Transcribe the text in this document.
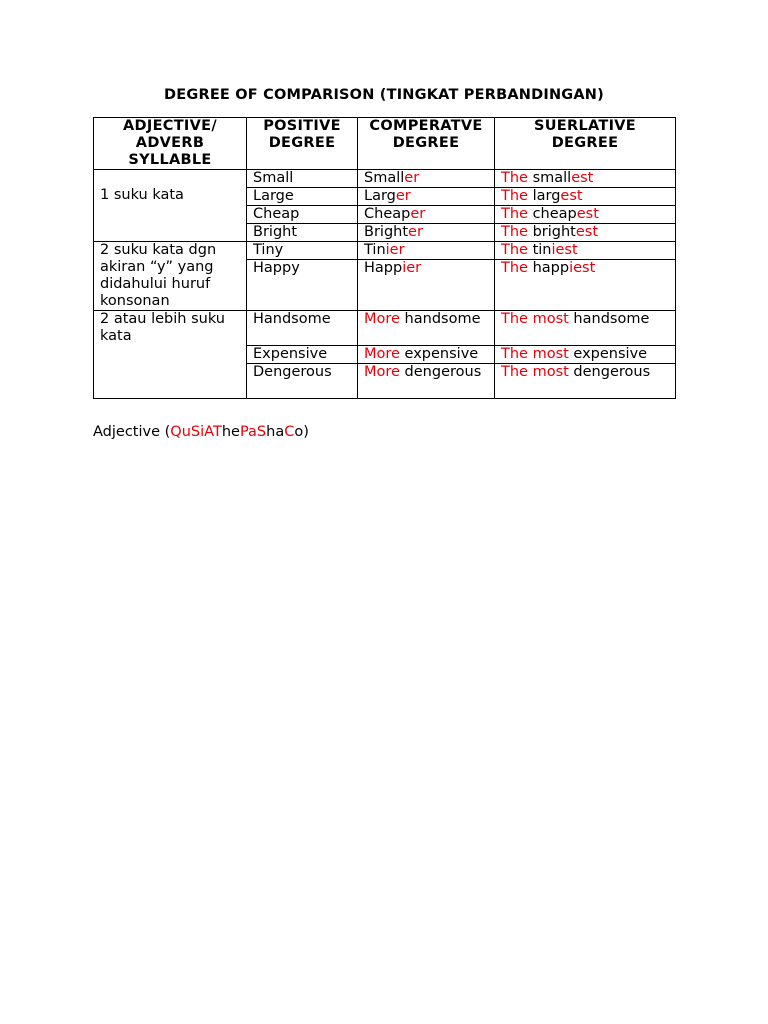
DEGREE OF COMPARISON (TINGKAT PERBANDINGAN)
ADJECTIVE/ ADVERB SYLLABLE	POSITIVE DEGREE	COMPERATVE DEGREE	SUERLATIVE DEGREE
1 suku kata	Small	Smaller	The smallest
	Large	Larger	The largest
	Cheap	Cheaper	The cheapest
	Bright	Brighter	The brightest
2 suku kata dgn akiran “y” yang didahului huruf konsonan	Tiny	Tinier	The tiniest
	Happy	Happier	The happiest
2 atau lebih suku kata	Handsome	More handsome	The most handsome
	Expensive	More expensive	The most expensive
	Dengerous	More dengerous	The most dengerous
Adjective (QuSiAThePaShaCo)
